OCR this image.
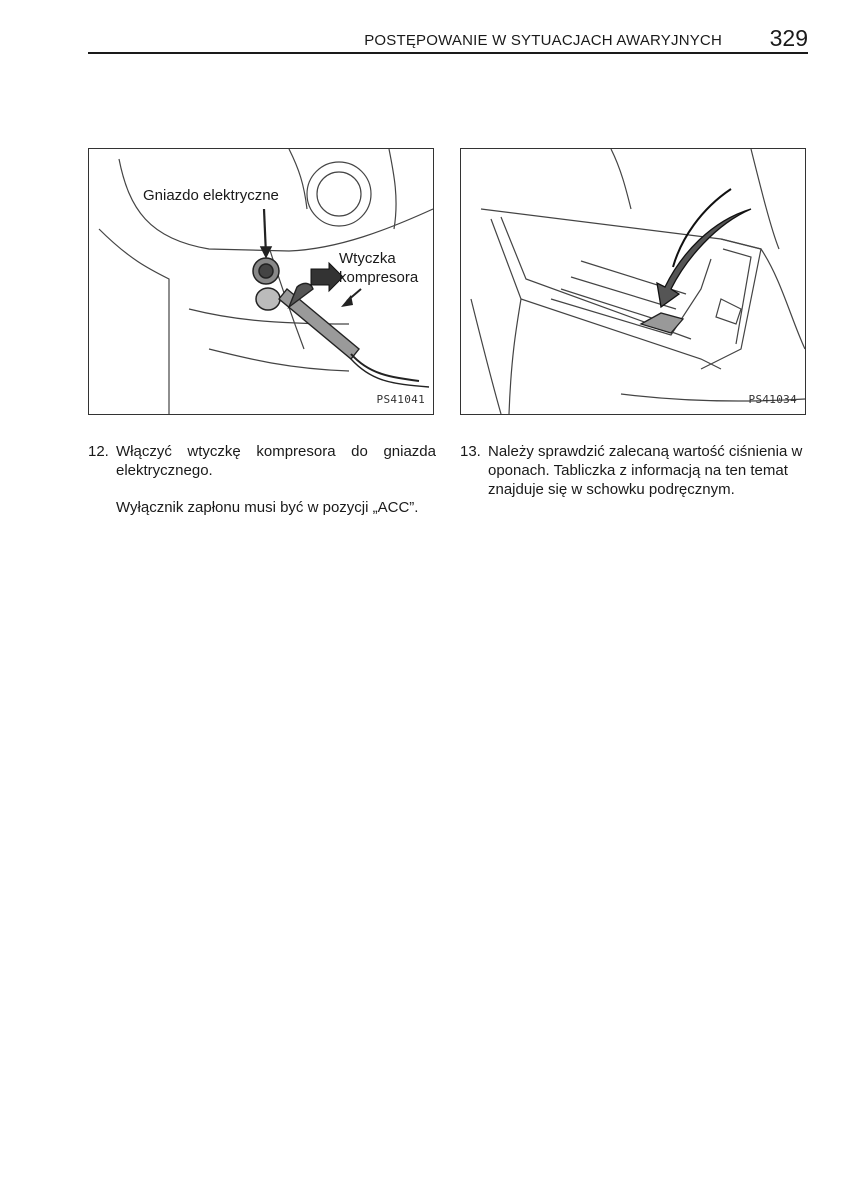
POSTĘPOWANIE W SYTUACJACH AWARYJNYCH 329
Gniazdo elektryczne
Wtyczka
kompresora
PS41041	PS41034
12. Włączyć wtyczkę kompresora do gniazda elektrycznego.
Wyłącznik zapłonu musi być w pozycji „ACC”.
13. Należy sprawdzić zalecaną wartość ciśnienia w oponach. Tabliczka z informacją na ten temat znajduje się w schowku podręcznym.
